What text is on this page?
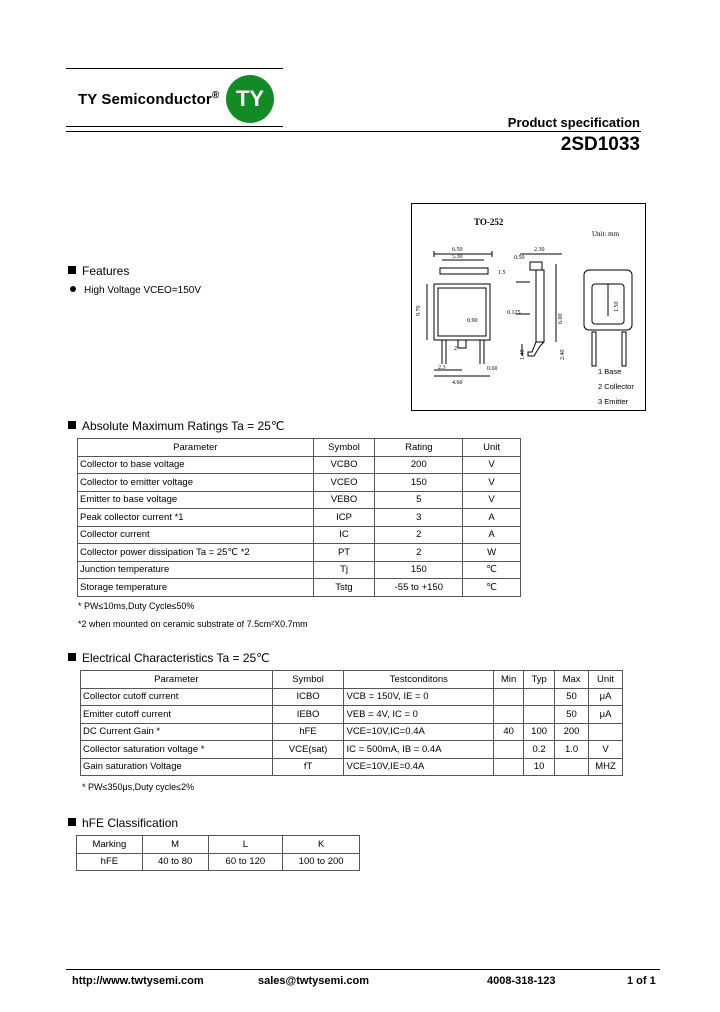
TY Semiconductor® TY
Product specification
2SD1033
TO-252
Unit: mm
6.50
5.30
2.30
0.50
1.5
9.70	0.125
0.90	6.00
2.3
4.60
0.60
2
1.40	2.40
1.50
1 Base
2 Collector
3 Emitter
Features
High Voltage VCEO=150V
Absolute Maximum Ratings Ta = 25℃
Parameter	Symbol	Rating	Unit
Collector to base voltage	VCBO	200	V
Collector to emitter voltage	VCEO	150	V
Emitter to base voltage	VEBO	5	V
Peak collector current *1	ICP	3	A
Collector current	IC	2	A
Collector power dissipation Ta = 25℃ *2	PT	2	W
Junction temperature	Tj	150	℃
Storage temperature	Tstg	-55 to +150	℃
* PW≤10ms,Duty Cycle≤50%
*2 when mounted on ceramic substrate of 7.5cm²X0.7mm
Electrical Characteristics Ta = 25℃
Parameter	Symbol	Testconditons	Min	Typ	Max	Unit
Collector cutoff current	ICBO	VCB = 150V, IE = 0			50	μA
Emitter cutoff current	IEBO	VEB = 4V, IC = 0			50	μA
DC Current Gain *	hFE	VCE=10V,IC=0.4A	40	100	200	
Collector saturation voltage *	VCE(sat)	IC = 500mA, IB = 0.4A		0.2	1.0	V
Gain saturation Voltage	fT	VCE=10V,IE=0.4A		10		MHZ
* PW≤350μs,Duty cycle≤2%
hFE Classification
Marking	M	L	K
hFE	40 to 80	60 to 120	100 to 200
http://www.twtysemi.com	sales@twtysemi.com	4008-318-123	1 of 1
